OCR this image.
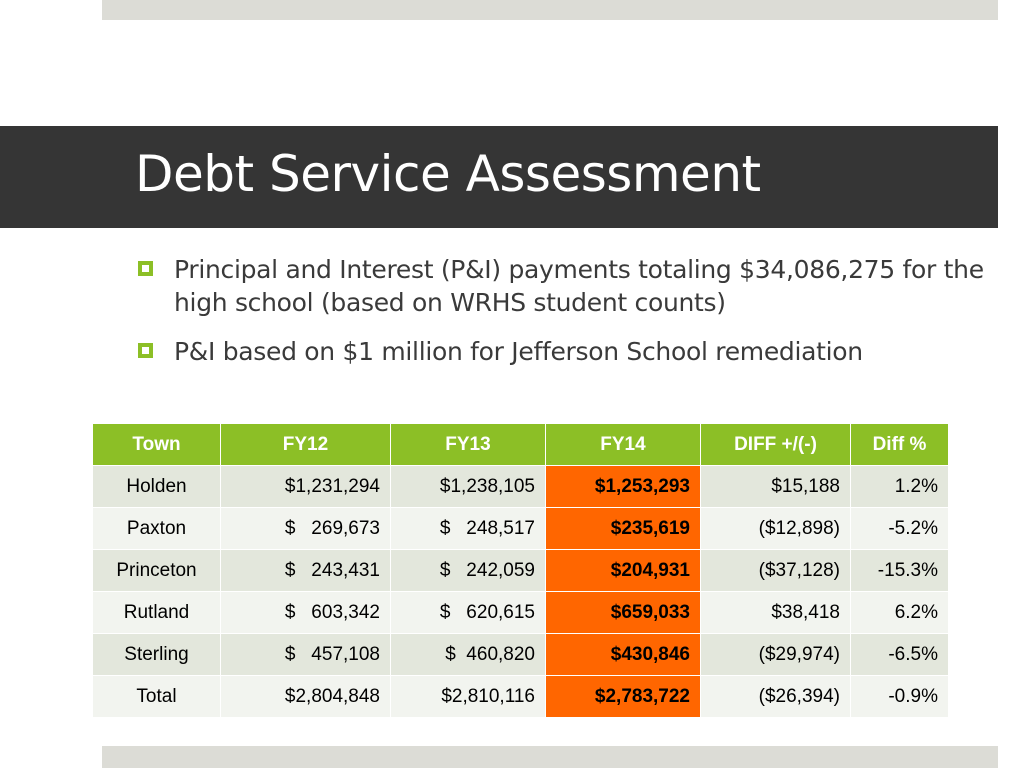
Debt Service Assessment
Principal and Interest (P&I) payments totaling $34,086,275 for the high school (based on WRHS student counts)
P&I based on $1 million for Jefferson School remediation
Town	FY12	FY13	FY14	DIFF +/(-)	Diff %
Holden	$1,231,294	$1,238,105	$1,253,293	$15,188	1.2%
Paxton	$   269,673	$   248,517	$235,619	($12,898)	-5.2%
Princeton	$   243,431	$   242,059	$204,931	($37,128)	-15.3%
Rutland	$   603,342	$   620,615	$659,033	$38,418	6.2%
Sterling	$   457,108	$  460,820	$430,846	($29,974)	-6.5%
Total	$2,804,848	$2,810,116	$2,783,722	($26,394)	-0.9%
